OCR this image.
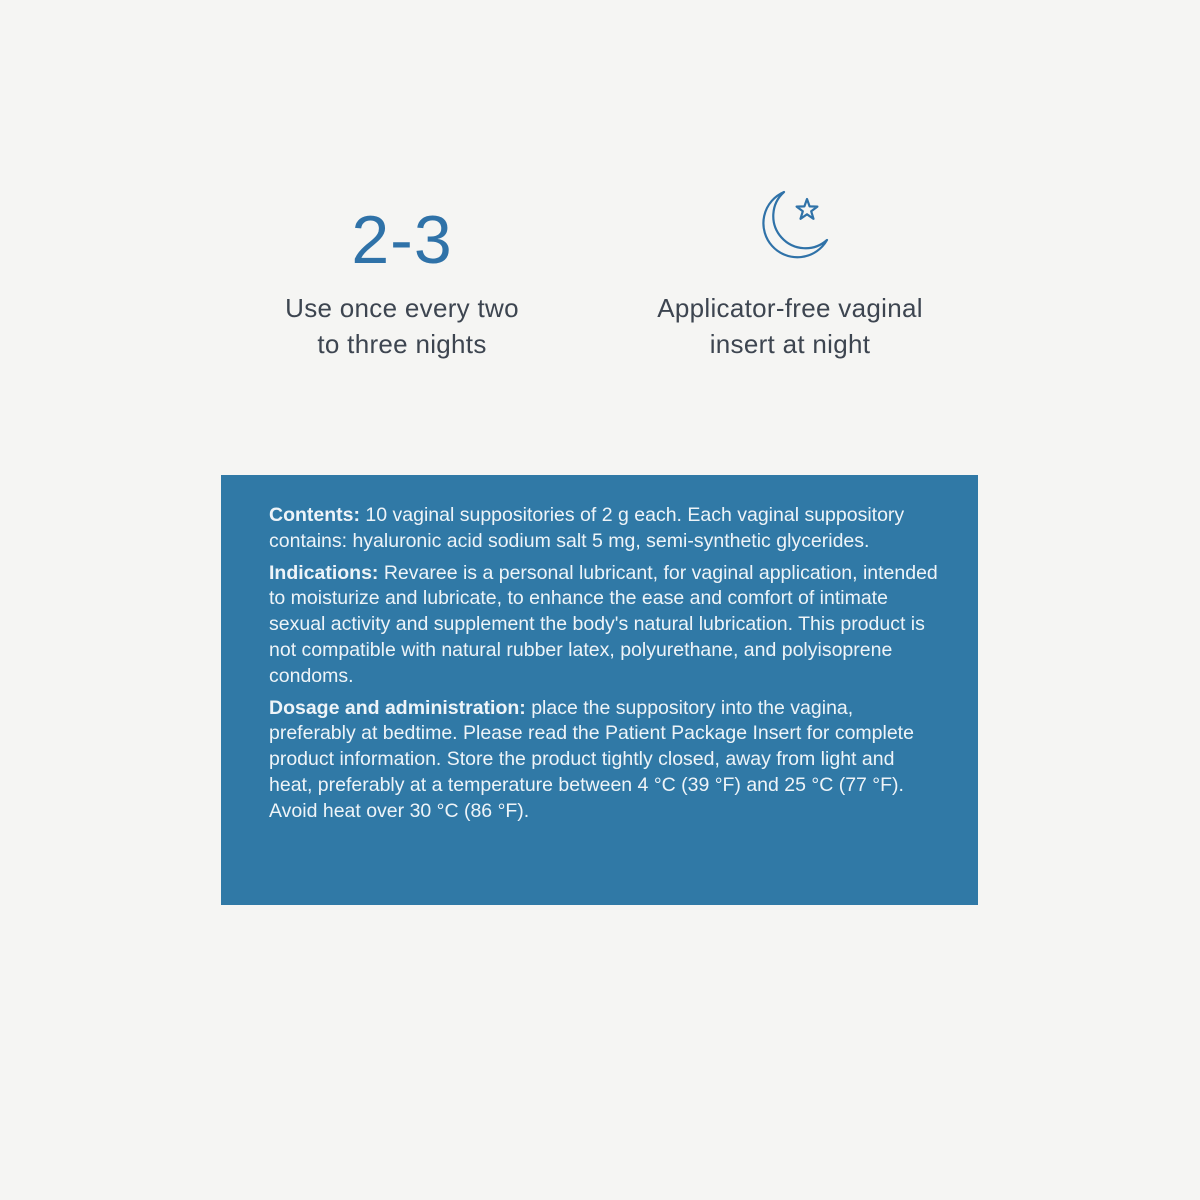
2-3
Use once every two
to three nights
Applicator-free vaginal
insert at night

Contents: 10 vaginal suppositories of 2 g each. Each vaginal suppository contains: hyaluronic acid sodium salt 5 mg, semi-synthetic glycerides.

Indications: Revaree is a personal lubricant, for vaginal application, intended to moisturize and lubricate, to enhance the ease and comfort of intimate sexual activity and supplement the body's natural lubrication. This product is not compatible with natural rubber latex, polyurethane, and polyisoprene condoms.

Dosage and administration: place the suppository into the vagina, preferably at bedtime. Please read the Patient Package Insert for complete product information. Store the product tightly closed, away from light and heat, preferably at a temperature between 4 °C (39 °F) and 25 °C (77 °F). Avoid heat over 30 °C (86 °F).
